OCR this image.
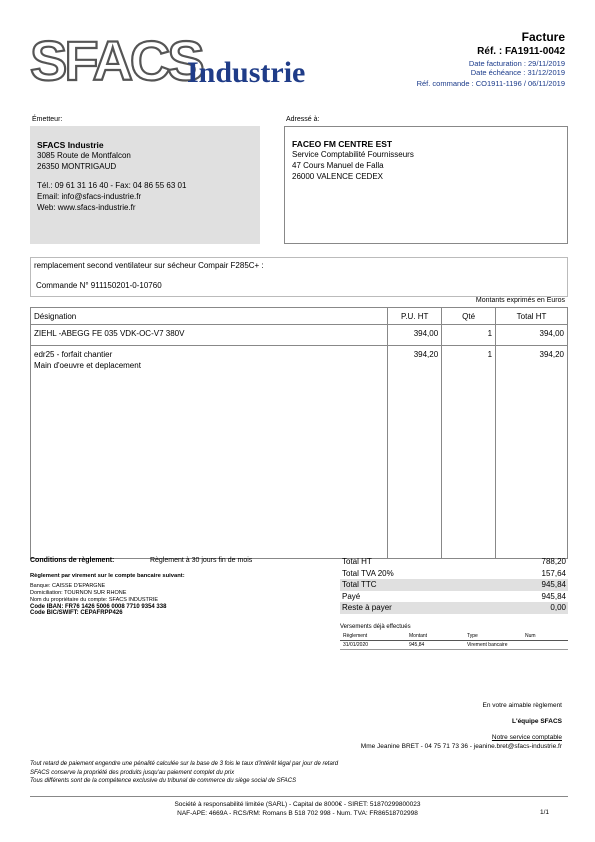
SFACS
Industrie
Facture
Réf. : FA1911-0042
Date facturation : 29/11/2019
Date échéance : 31/12/2019
Réf. commande : CO1911-1196 / 06/11/2019
Émetteur:	Adressé à:
SFACS Industrie
3085 Route de Montfalcon
26350 MONTRIGAUD
Tél.: 09 61 31 16 40 - Fax: 04 86 55 63 01
Email: info@sfacs-industrie.fr
Web: www.sfacs-industrie.fr
FACEO FM CENTRE EST
Service Comptabilité Fournisseurs
47 Cours Manuel de Falla
26000 VALENCE CEDEX
remplacement second ventilateur sur sécheur Compair F285C+ :
Commande N° 911150201-0-10760
Montants exprimés en Euros
Désignation	P.U. HT	Qté	Total HT
ZIEHL -ABEGG FE 035 VDK-OC-V7 380V	394,00	1	394,00

edr25 - forfait chantier
Main d'oeuvre et deplacement	394,20	1	394,20
Conditions de règlement:	Règlement à 30 jours fin de mois
Règlement par virement sur le compte bancaire suivant:
Banque: CAISSE D'EPARGNE
Domiciliation: TOURNON SUR RHONE
Nom du propriétaire du compte: SFACS INDUSTRIE
Code IBAN: FR76 1426 5006 0008 7710 9354 338
Code BIC/SWIFT: CEPAFRPP426
Total HT	788,20
Total TVA 20%	157,64
Total TTC	945,84
Payé	945,84
Reste à payer	0,00
Versements déjà effectués
Règlement	Montant	Type	Num
31/01/2020	945,84	Virement bancaire	
En votre aimable règlement
L'équipe SFACS
Notre service comptable
Mme Jeanine BRET - 04 75 71 73 36 - jeanine.bret@sfacs-industrie.fr
Tout retard de paiement engendre une pénalité calculée sur la base de 3 fois le taux d'intérêt légal par jour de retard
SFACS conserve la propriété des produits jusqu'au paiement complet du prix
Tous différents sont de la compétence exclusive du tribunal de commerce du siège social de SFACS
Société à responsabilité limitée (SARL) - Capital de 8000€ - SIRET: 51870299800023
NAF-APE: 4669A - RCS/RM: Romans B 518 702 998 - Num. TVA: FR86518702998	1/1
